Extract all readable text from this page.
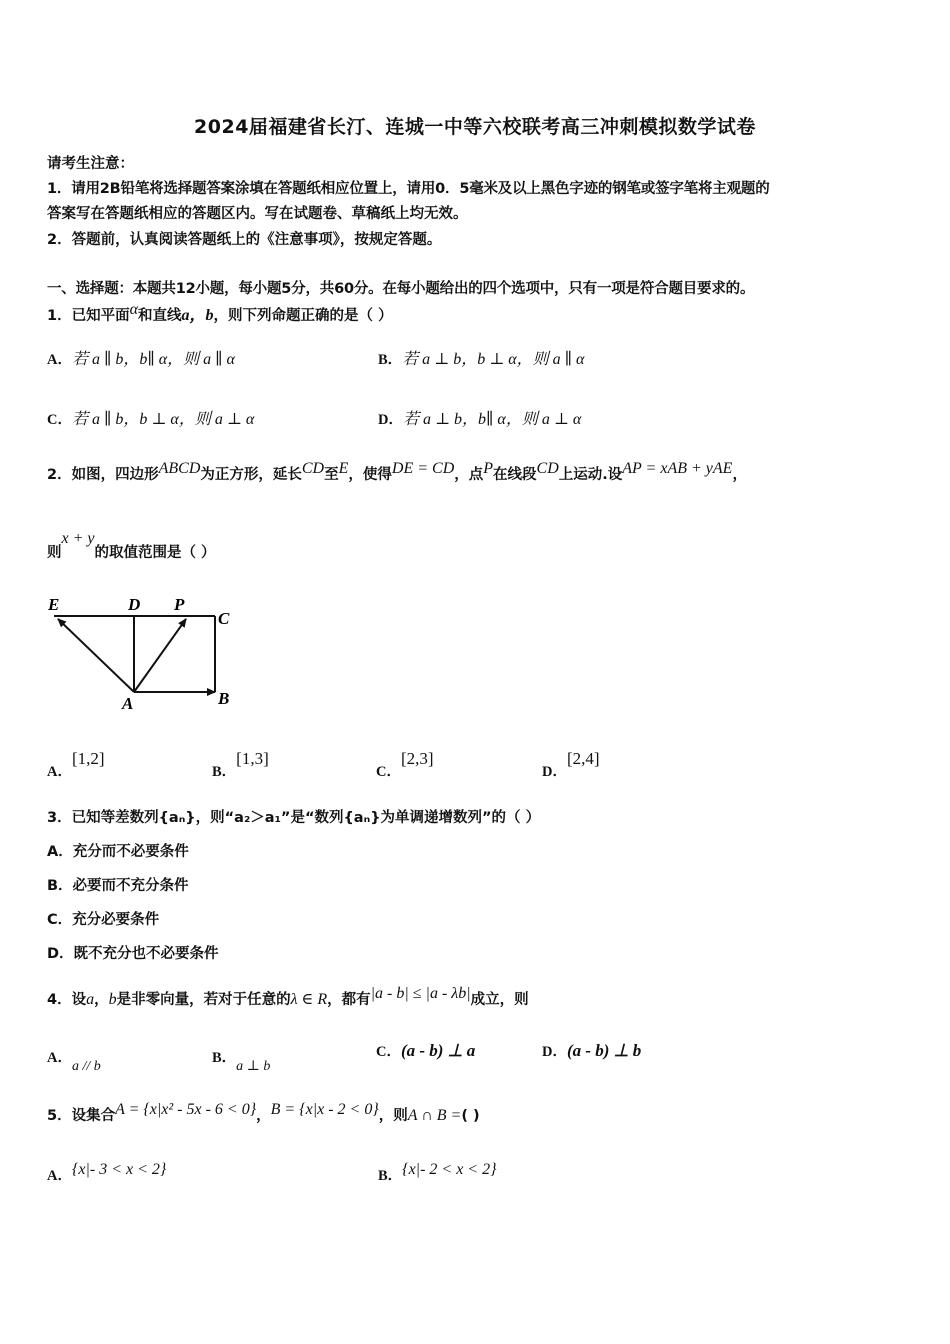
2024届福建省长汀、连城一中等六校联考高三冲刺模拟数学试卷
请考生注意：
1．请用2B铅笔将选择题答案涂填在答题纸相应位置上，请用0．5毫米及以上黑色字迹的钢笔或签字笔将主观题的
答案写在答题纸相应的答题区内。写在试题卷、草稿纸上均无效。
2．答题前，认真阅读答题纸上的《注意事项》，按规定答题。
一、选择题：本题共12小题，每小题5分，共60分。在每小题给出的四个选项中，只有一项是符合题目要求的。
1．已知平面α和直线a，b，则下列命题正确的是（ ）
A．若 a ∥ b，b∥ α，则 a ∥ α	B．若 a ⊥ b，b ⊥ α，则 a ∥ α
C．若 a ∥ b，b ⊥ α，则 a ⊥ α	D．若 a ⊥ b，b∥ α，则 a ⊥ α
2．如图，四边形ABCD为正方形，延长CD至E，使得DE = CD，点P在线段CD上运动.设AP = xAB + yAE，
则x + y的取值范围是（ ）
E	D P
C
A	B
A．[1,2]
B．[1,3]
C．[2,3]
D．[2,4]
3．已知等差数列{aₙ}，则“a₂＞a₁”是“数列{aₙ}为单调递增数列”的（ ）
A．充分而不必要条件
B．必要而不充分条件
C．充分必要条件
D．既不充分也不必要条件
4．设a，b是非零向量，若对于任意的λ ∈ R，都有|a - b| ≤ |a - λb|成立，则
A．a // b
B．a ⊥ b
C．(a - b) ⊥ a	D．(a - b) ⊥ b
5．设集合A = {x|x² - 5x - 6 < 0}，B = {x|x - 2 < 0}，则A ∩ B =( )
A．{x|- 3 < x < 2}	B．{x|- 2 < x < 2}
